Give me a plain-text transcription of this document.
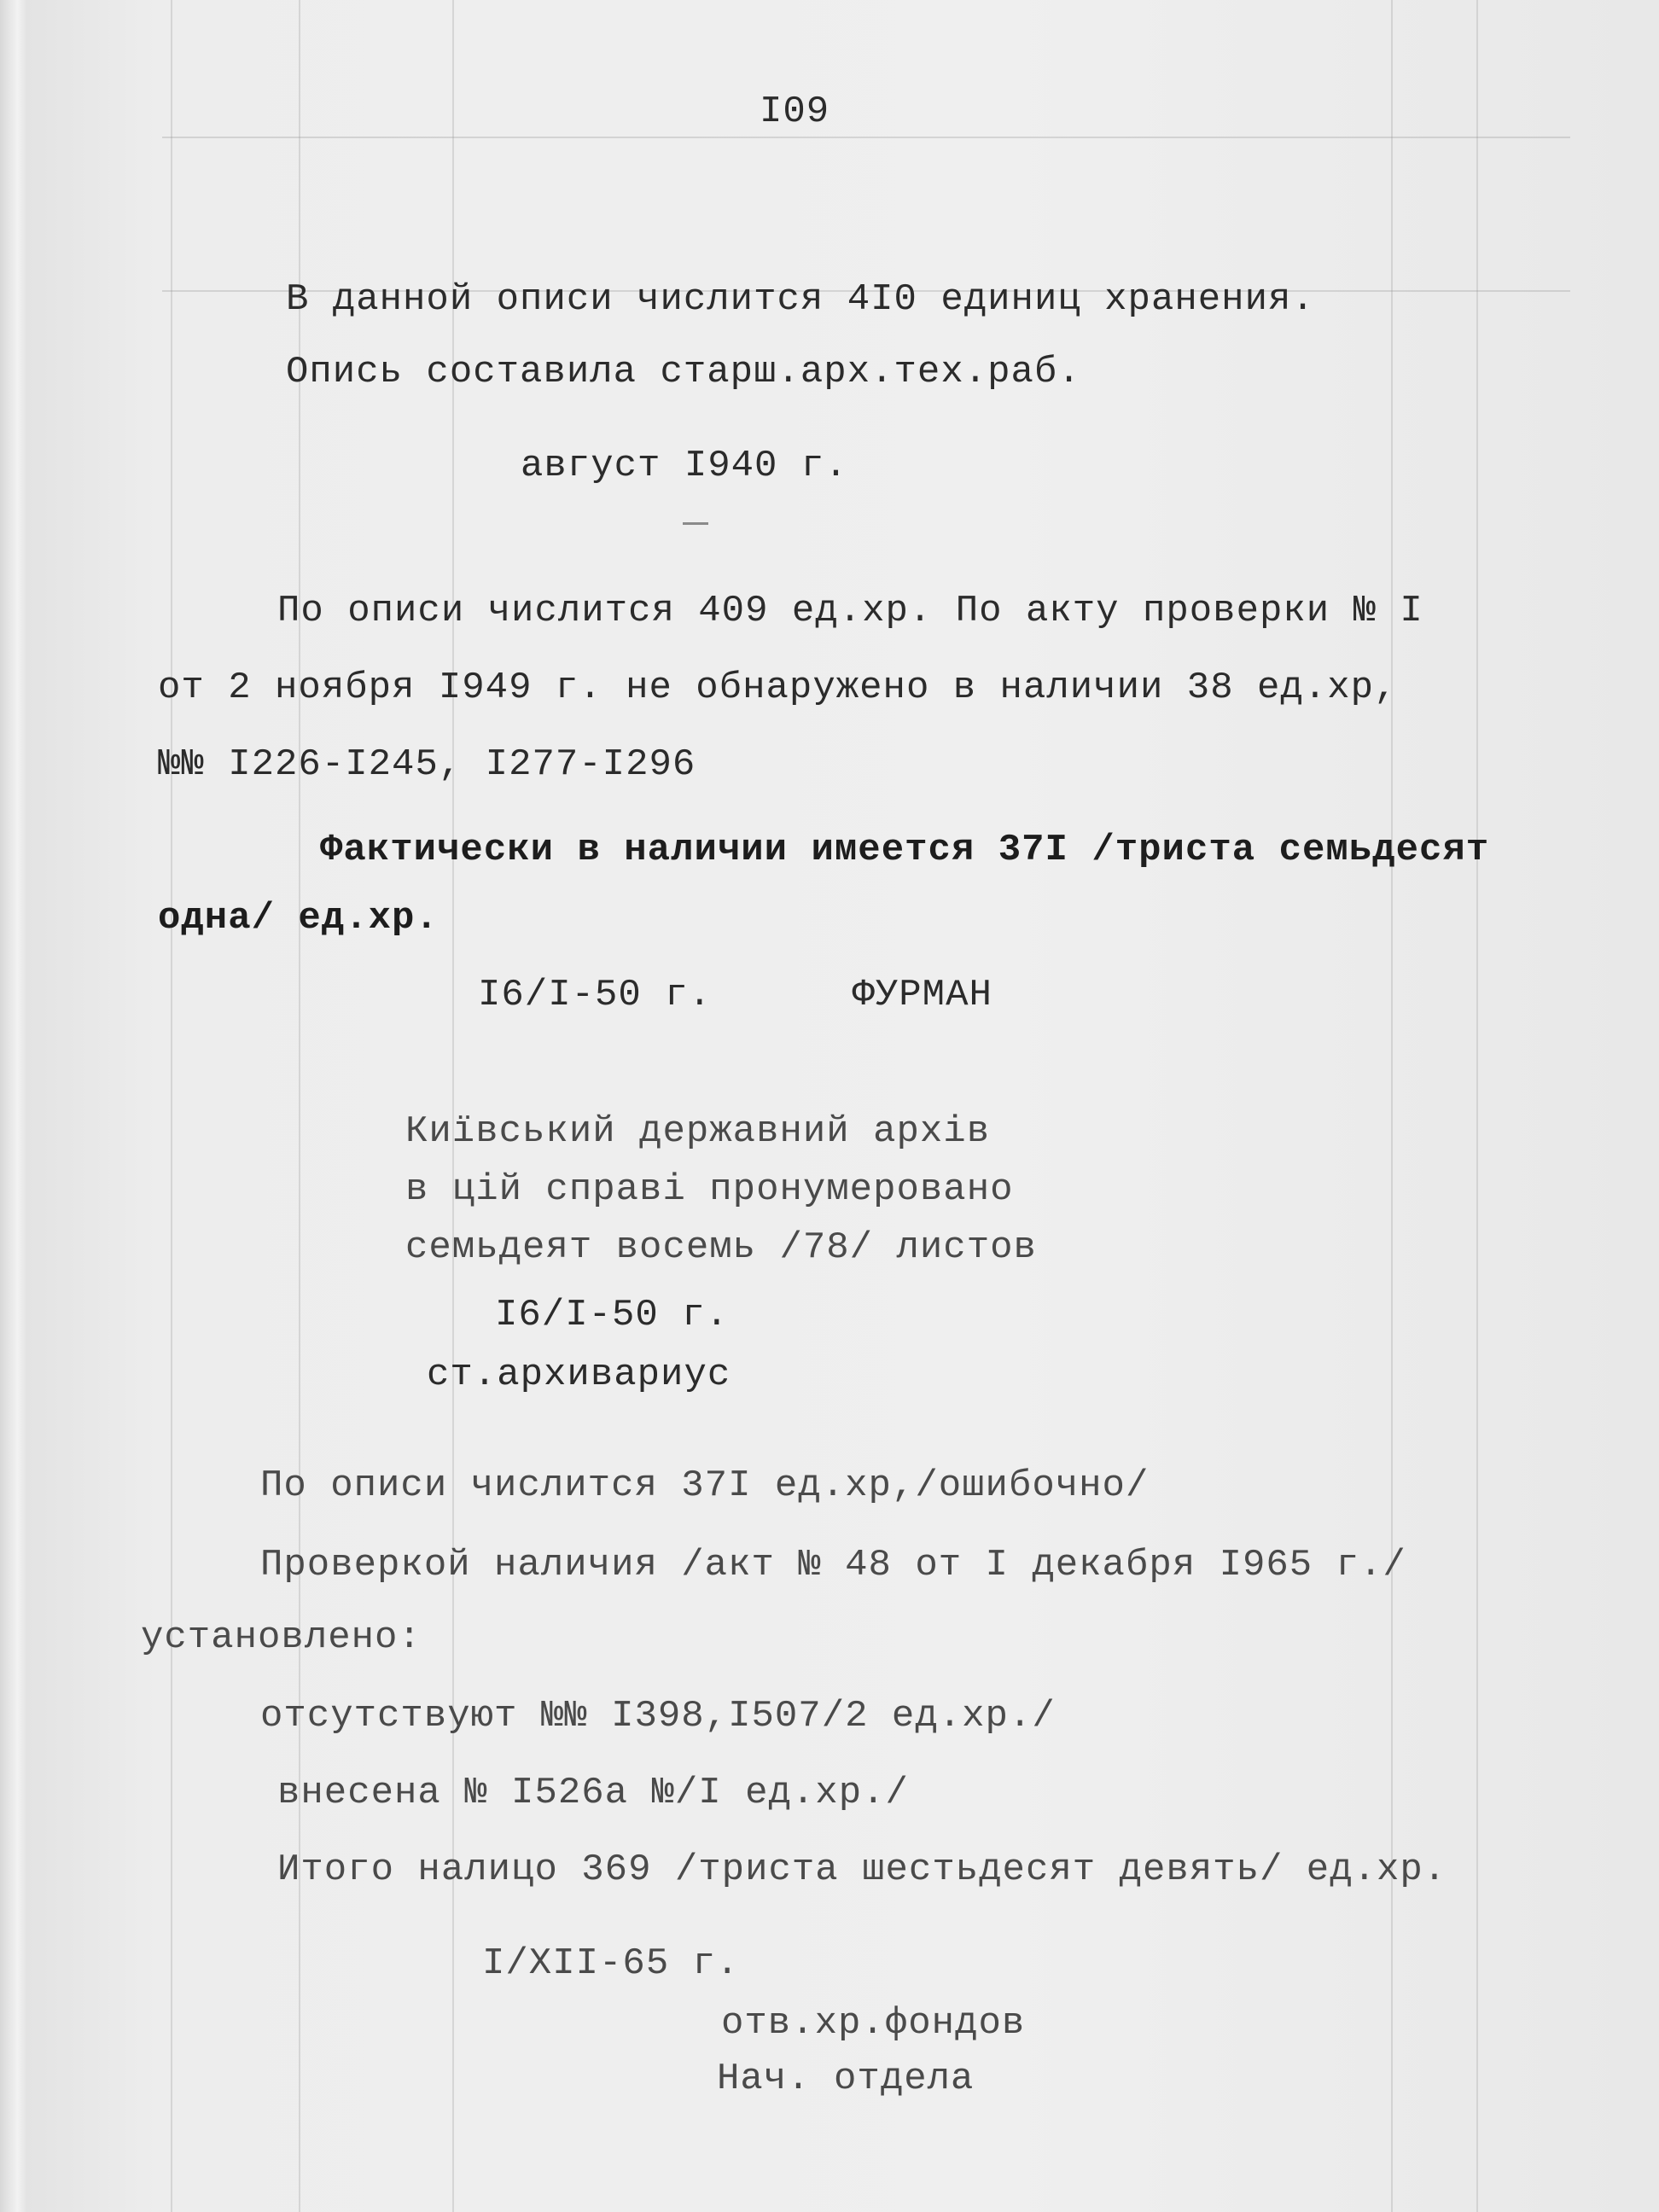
I09
В данной описи числится 4I0 единиц хранения.
Опись составила старш.арх.тех.раб.
август I940 г.
По описи числится 409 ед.хр. По акту проверки № I
от 2 ноября I949 г. не обнаружено в наличии 38 ед.хр,
№№ I226-I245, I277-I296
Фактически в наличии имеется 37I /триста семьдесят
одна/ ед.хр.
I6/I-50 г.      ФУРМАН
Київський державний архів
в цій справі пронумеровано
семьдеят восемь /78/ листов
I6/I-50 г.
ст.архивариус
По описи числится 37I ед.хр,/ошибочно/
Проверкой наличия /акт № 48 от I декабря I965 г./
установлено:
отсутствуют №№ I398,I507/2 ед.хр./
внесена № I526а №/I ед.хр./
Итого налицо 369 /триста шестьдесят девять/ ед.хр.
I/XII-65 г.
отв.хр.фондов
Нач. отдела
